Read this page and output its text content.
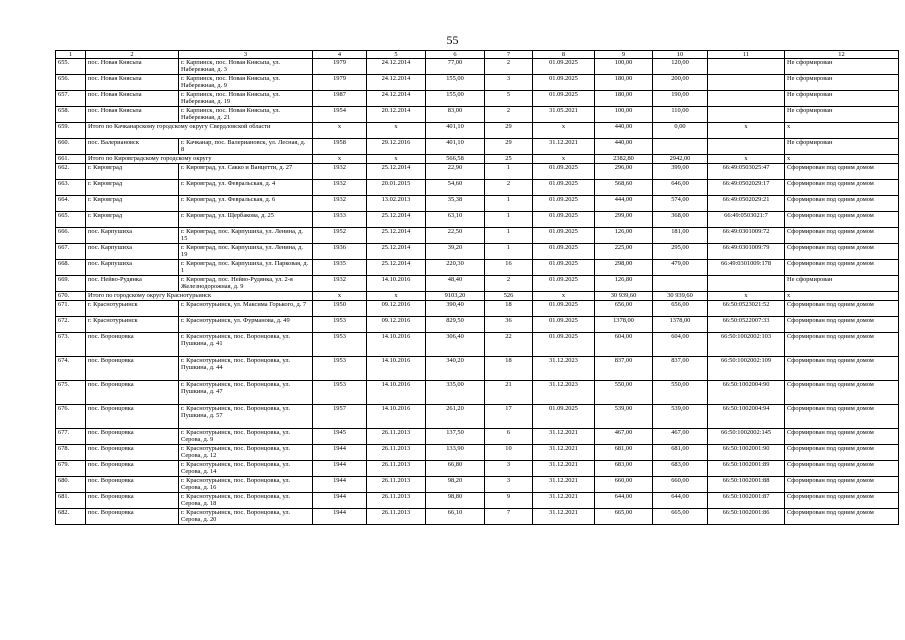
55
1	2	3	4	5	6	7	8	9	10	11	12
655.	пос. Новая Княсьпа	г. Карпинск, пос. Новая Княсьпа, ул. Набережная, д. 3	1979	24.12.2014	77,00	2	01.09.2025	100,00	120,00		Не сформирован
656.	пос. Новая Княсьпа	г. Карпинск, пос. Новая Княсьпа, ул. Набережная, д. 9	1979	24.12.2014	155,00	3	01.09.2025	180,00	200,00		Не сформирован
657.	пос. Новая Княсьпа	г. Карпинск, пос. Новая Княсьпа, ул. Набережная, д. 19	1987	24.12.2014	155,00	5	01.09.2025	180,00	190,00		Не сформирован
658.	пос. Новая Княсьпа	г. Карпинск, пос. Новая Княсьпа, ул. Набережная, д. 21	1954	20.12.2014	83,00	2	31.05.2021	100,00	110,00		Не сформирован
659.	Итого по Качканарскому городскому округу Свердловской области		x	x	401,10	29	x	440,00	0,00	x	x
660.	пос. Валериановск	г. Качканар, пос. Валериановск, ул. Лесная, д. 8	1958	29.12.2016	401,10	29	31.12.2021	440,00			Не сформирован
661.	Итого по Кировградскому городскому округу		x	x	566,58	25	x	2382,80	2942,00	x	x
662.	г. Кировград	г. Кировград, ул. Сакко и Ванцетти, д. 27	1932	25.12.2014	22,90	1	01.09.2025	296,00	399,00	66:49:0503025:47	Сформирован под одним домом
663.	г. Кировград	г. Кировград, ул. Февральская, д. 4	1932	20.01.2015	54,60	2	01.09.2025	568,60	646,00	66:49:0502029:17	Сформирован под одним домом
664.	г. Кировград	г. Кировград, ул. Февральская, д. 6	1932	13.02.2013	35,38	1	01.09.2025	444,00	574,00	66:49:0502029:21	Сформирован под одним домом
665.	г. Кировград	г. Кировград, ул. Щербакова, д. 25	1933	25.12.2014	63,10	1	01.09.2025	299,00	368,00	66:49:0503021:7	Сформирован под одним домом
666.	пос. Карпушиха	г. Кировград, пос. Карпушиха, ул. Ленина, д. 15	1952	25.12.2014	22,50	1	01.09.2025	126,00	181,00	66:49:0301009:72	Сформирован под одним домом
667.	пос. Карпушиха	г. Кировград, пос. Карпушиха, ул. Ленина, д. 19	1936	25.12.2014	39,20	1	01.09.2025	225,00	295,00	66:49:0301009:79	Сформирован под одним домом
668.	пос. Карпушиха	г. Кировград, пос. Карпушиха, ул. Парковая, д. 1	1935	25.12.2014	220,30	16	01.09.2025	298,00	479,00	66:49:0301009:178	Сформирован под одним домом
669.	пос. Нейво-Рудянка	г. Кировград, пос. Нейво-Рудянка, ул. 2-я Железнодорожная, д. 9	1932	14.10.2016	48,40	2	01.09.2025	126,80			Не сформирован
670.	Итого по городскому округу Краснотурьинск		x	x	9103,20	526	x	30 939,60	30 939,60	x	x
671.	г. Краснотурьинск	г. Краснотурьинск, ул. Максима Горького, д. 7	1950	09.12.2016	390,40	18	01.09.2025	656,00	656,00	66:50:0523021:52	Сформирован под одним домом
672.	г. Краснотурьинск	г. Краснотурьинск, ул. Фурманова, д. 49	1953	09.12.2016	829,50	36	01.09.2025	1378,00	1378,00	66:50:0522007:33	Сформирован под одним домом
673.	пос. Воронцовка	г. Краснотурьинск, пос. Воронцовка, ул. Пушкина, д. 41	1953	14.10.2016	306,40	22	01.09.2025	604,00	604,00	66:50:1002002:103	Сформирован под одним домом
674.	пос. Воронцовка	г. Краснотурьинск, пос. Воронцовка, ул. Пушкина, д. 44	1953	14.10.2016	340,20	18	31.12.2023	837,00	837,00	66:50:1002002:109	Сформирован под одним домом
675.	пос. Воронцовка	г. Краснотурьинск, пос. Воронцовка, ул. Пушкина, д. 47	1953	14.10.2016	335,00	21	31.12.2023	550,00	550,00	66:50:1002004:90	Сформирован под одним домом
676.	пос. Воронцовка	г. Краснотурьинск, пос. Воронцовка, ул. Пушкина, д. 57	1957	14.10.2016	261,20	17	01.09.2025	539,00	539,00	66:50:1002004:94	Сформирован под одним домом
677.	пос. Воронцовка	г. Краснотурьинск, пос. Воронцовка, ул. Серова, д. 9	1945	26.11.2013	137,50	6	31.12.2021	467,00	467,00	66:50:1002002:145	Сформирован под одним домом
678.	пос. Воронцовка	г. Краснотурьинск, пос. Воронцовка, ул. Серова, д. 12	1944	26.11.2013	133,90	10	31.12.2021	681,00	681,00	66:50:1002001:90	Сформирован под одним домом
679.	пос. Воронцовка	г. Краснотурьинск, пос. Воронцовка, ул. Серова, д. 14	1944	26.11.2013	66,80	3	31.12.2021	683,00	683,00	66:50:1002001:89	Сформирован под одним домом
680.	пос. Воронцовка	г. Краснотурьинск, пос. Воронцовка, ул. Серова, д. 16	1944	26.11.2013	98,20	3	31.12.2021	660,00	660,00	66:50:1002001:88	Сформирован под одним домом
681.	пос. Воронцовка	г. Краснотурьинск, пос. Воронцовка, ул. Серова, д. 18	1944	26.11.2013	98,80	9	31.12.2021	644,00	644,00	66:50:1002001:87	Сформирован под одним домом
682.	пос. Воронцовка	г. Краснотурьинск, пос. Воронцовка, ул. Серова, д. 20	1944	26.11.2013	66,10	7	31.12.2021	665,00	665,00	66:50:1002001:86	Сформирован под одним домом
